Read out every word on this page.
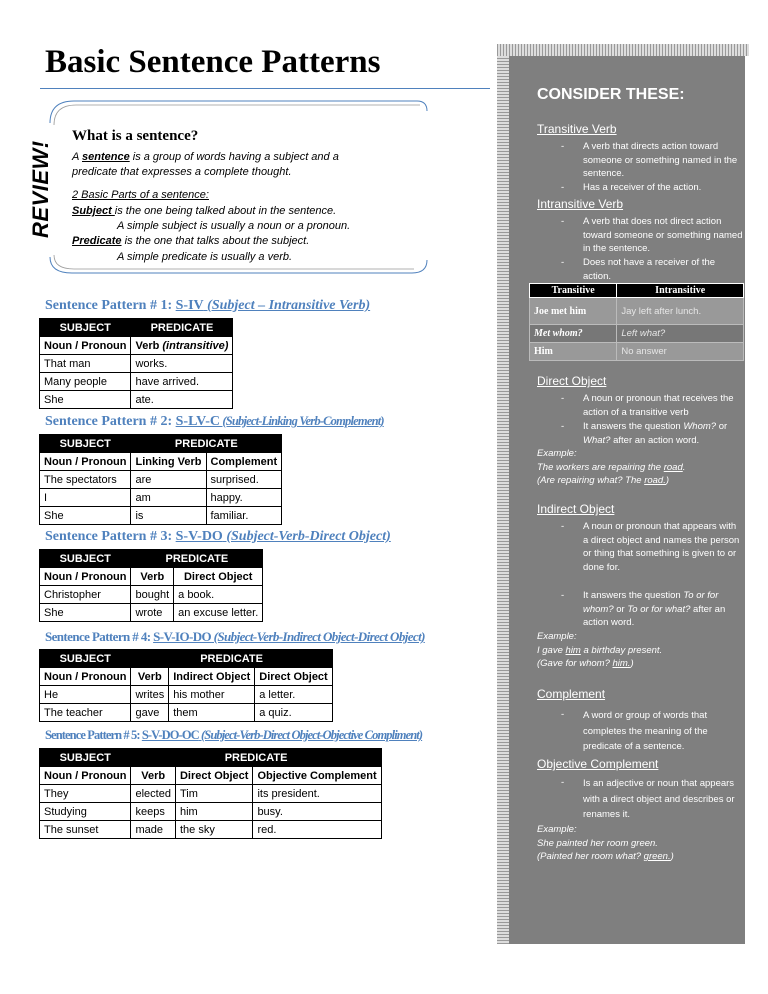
Basic Sentence Patterns
REVIEW!
What is a sentence?
A sentence is a group of words having a subject and a
predicate that expresses a complete thought.
2 Basic Parts of a sentence:
Subject is the one being talked about in the sentence.
A simple subject is usually a noun or a pronoun.
Predicate is the one that talks about the subject.
A simple predicate is usually a verb.
Sentence Pattern # 1: S-IV (Subject – Intransitive Verb)
SUBJECT	PREDICATE
Noun / Pronoun	Verb (intransitive)
That man	works.
Many people	have arrived.
She	ate.
Sentence Pattern # 2: S-LV-C (Subject-Linking Verb-Complement)
SUBJECT	PREDICATE	
Noun / Pronoun	Linking Verb	Complement
The spectators	are	surprised.
I	am	happy.
She	is	familiar.
Sentence Pattern # 3: S-V-DO (Subject-Verb-Direct Object)
SUBJECT	PREDICATE	
Noun / Pronoun	Verb	Direct Object
Christopher	bought	a book.
She	wrote	an excuse letter.
Sentence Pattern # 4: S-V-IO-DO (Subject-Verb-Indirect Object-Direct Object)
SUBJECT	PREDICATE		
Noun / Pronoun	Verb	Indirect Object	Direct Object
He	writes	his mother	a letter.
The teacher	gave	them	a quiz.
Sentence Pattern # 5: S-V-DO-OC (Subject-Verb-Direct Object-Objective Compliment)
SUBJECT	PREDICATE		
Noun / Pronoun	Verb	Direct Object	Objective Complement
They	elected	Tim	its president.
Studying	keeps	him	busy.
The sunset	made	the sky	red.
CONSIDER THESE:
Transitive Verb
- A verb that directs action toward someone or something named in the sentence.
- Has a receiver of the action.
Intransitive Verb
- A verb that does not direct action toward someone or something named in the sentence.
- Does not have a receiver of the action.
Transitive	Intransitive
Joe met him	Jay left after lunch.
Met whom?	Left what?
Him	No answer
Direct Object
- A noun or pronoun that receives the action of a transitive verb
- It answers the question Whom? or What? after an action word.
Example:
The workers are repairing the road.
(Are repairing what? The road.)
Indirect Object
- A noun or pronoun that appears with a direct object and names the person or thing that something is given to or done for.
- It answers the question To or for whom? or To or for what? after an action word.
Example:
I gave him a birthday present.
(Gave for whom? him.)
Complement
- A word or group of words that completes the meaning of the predicate of a sentence.
Objective Complement
- Is an adjective or noun that appears with a direct object and describes or renames it.
Example:
She painted her room green.
(Painted her room what? green.)
